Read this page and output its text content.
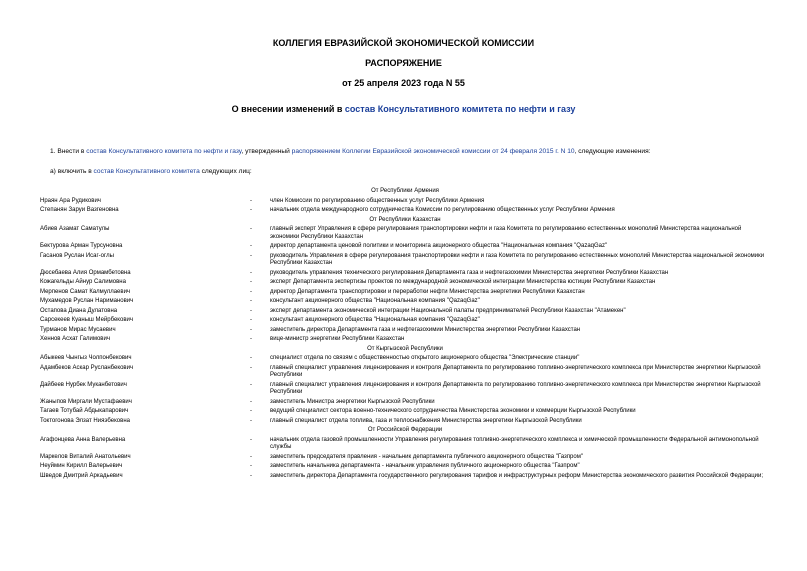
КОЛЛЕГИЯ ЕВРАЗИЙСКОЙ ЭКОНОМИЧЕСКОЙ КОМИССИИ
РАСПОРЯЖЕНИЕ
от 25 апреля 2023 года N 55
О внесении изменений в состав Консультативного комитета по нефти и газу
1. Внести в состав Консультативного комитета по нефти и газу, утвержденный распоряжением Коллегии Евразийской экономической комиссии от 24 февраля 2015 г. N 10, следующие изменения:
а) включить в состав Консультативного комитета следующих лиц:
От Республики Армения		
Нраян Ара Рудикович	-	член Комиссии по регулированию общественных услуг Республики Армения
Степанян Заруи Вазгеновна	-	начальник отдела международного сотрудничества Комиссии по регулированию общественных услуг Республики Армения
От Республики Казахстан		
Абиев Азамат Саматулы	-	главный эксперт Управления в сфере регулирования транспортировки нефти и газа Комитета по регулированию естественных монополий Министерства национальной экономики Республики Казахстан
Бектурова Арман Турсуновна	-	директор департамента ценовой политики и мониторинга акционерного общества "Национальная компания "QazaqGaz"
Гасанов Руслан Исаг-оглы	-	руководитель Управления в сфере регулирования транспортировки нефти и газа Комитета по регулированию естественных монополий Министерства национальной экономики Республики Казахстан
Дюсебаева Алия Ормамбетовна	-	руководитель управления технического регулирования Департамента газа и нефтегазохимии Министерства энергетики Республики Казахстан
Кожагельды Айнур Салимовна	-	эксперт Департамента экспертизы проектов по международной экономической интеграции Министерства юстиции Республики Казахстан
Мерпенов Самат Калмуллаевич	-	директор Департамента транспортировки и переработки нефти Министерства энергетики Республики Казахстан
Мухамедов Руслан Нариманович	-	консультант акционерного общества "Национальная компания "QazaqGaz"
Остапова Диана Дулатовна	-	эксперт департамента экономической интеграции Национальной палаты предпринимателей Республики Казахстан "Атамекен"
Сарсекеев Куаныш Мейрбекович	-	консультант акционерного общества "Национальная компания "QazaqGaz"
Турманов Мирас Мусаевич	-	заместитель директора Департамента газа и нефтегазохимии Министерства энергетики Республики Казахстан
Хеннов Асхат Галимович	-	вице-министр энергетики Республики Казахстан
От Кыргызской Республики		
Абыкеев Чынгыз Чолпонбекович	-	специалист отдела по связям с общественностью открытого акционерного общества "Электрические станции"
Адамбеков Аскар Русланбекович	-	главный специалист управления лицензирования и контроля Департамента по регулированию топливно-энергетического комплекса при Министерстве энергетики Кыргызской Республики
Дайбеев Нурбек Муканбетович	-	главный специалист управления лицензирования и контроля Департамента по регулированию топливно-энергетического комплекса при Министерстве энергетики Кыргызской Республики
Жаныпов Миргали Мустафаевич	-	заместитель Министра энергетики Кыргызской Республики
Тагаев Тотубай Абдыкапарович	-	ведущий специалист сектора военно-технического сотрудничества Министерства экономики и коммерции Кыргызской Республики
Токтогонова Элзат Нияэбековна	-	главный специалист отдела топлива, газа и теплоснабжения Министерства энергетики Кыргызской Республики
От Российской Федерации		
Агафонцева Анна Валерьевна	-	начальник отдела газовой промышленности Управления регулирования топливно-энергетического комплекса и химической промышленности Федеральной антимонопольной службы
Маркелов Виталий Анатольевич	-	заместитель председателя правления - начальник департамента публичного акционерного общества "Газпром"
Неуймин Кирилл Валерьевич	-	заместитель начальника департамента - начальник управления публичного акционерного общества "Газпром"
Шведов Дмитрий Аркадьевич	-	заместитель директора Департамента государственного регулирования тарифов и инфраструктурных реформ Министерства экономического развития Российской Федерации;
